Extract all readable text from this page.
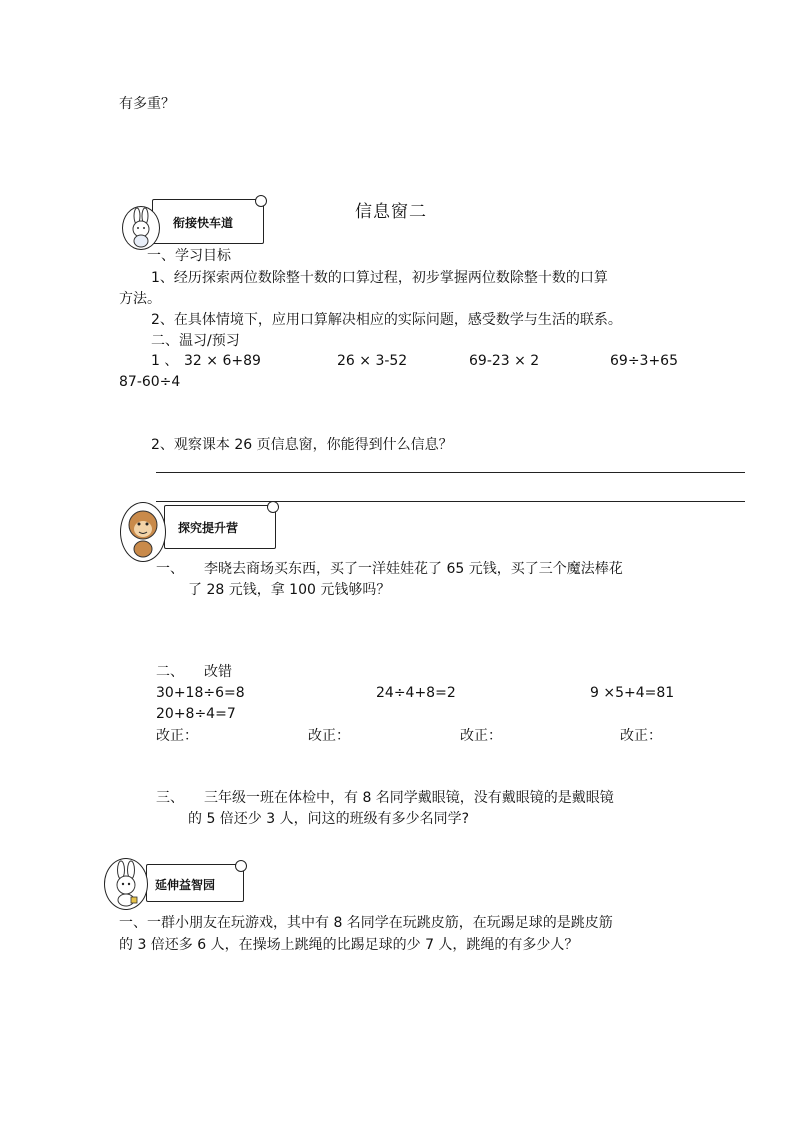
有多重？
衔接快车道
信息窗二
一、学习目标
1、经历探索两位数除整十数的口算过程，初步掌握两位数除整十数的口算
方法。
2、在具体情境下，应用口算解决相应的实际问题，感受数学与生活的联系。
二、温习/预习
1 、 32 × 6+89	26 × 3-52	69-23 × 2	69÷3+65
87-60÷4
2、观察课本 26 页信息窗，你能得到什么信息？
探究提升营
一、 李晓去商场买东西，买了一洋娃娃花了 65 元钱，买了三个魔法棒花
了 28 元钱，拿 100 元钱够吗？
二、 改错
30+18÷6=8	24÷4+8=2	9 ×5+4=81
20+8÷4=7
改正：	改正：	改正：	改正：
三、 三年级一班在体检中，有 8 名同学戴眼镜，没有戴眼镜的是戴眼镜
的 5 倍还少 3 人，问这的班级有多少名同学?
延伸益智园
一、一群小朋友在玩游戏，其中有 8 名同学在玩跳皮筋，在玩踢足球的是跳皮筋
的 3 倍还多 6 人，在操场上跳绳的比踢足球的少 7 人，跳绳的有多少人？
